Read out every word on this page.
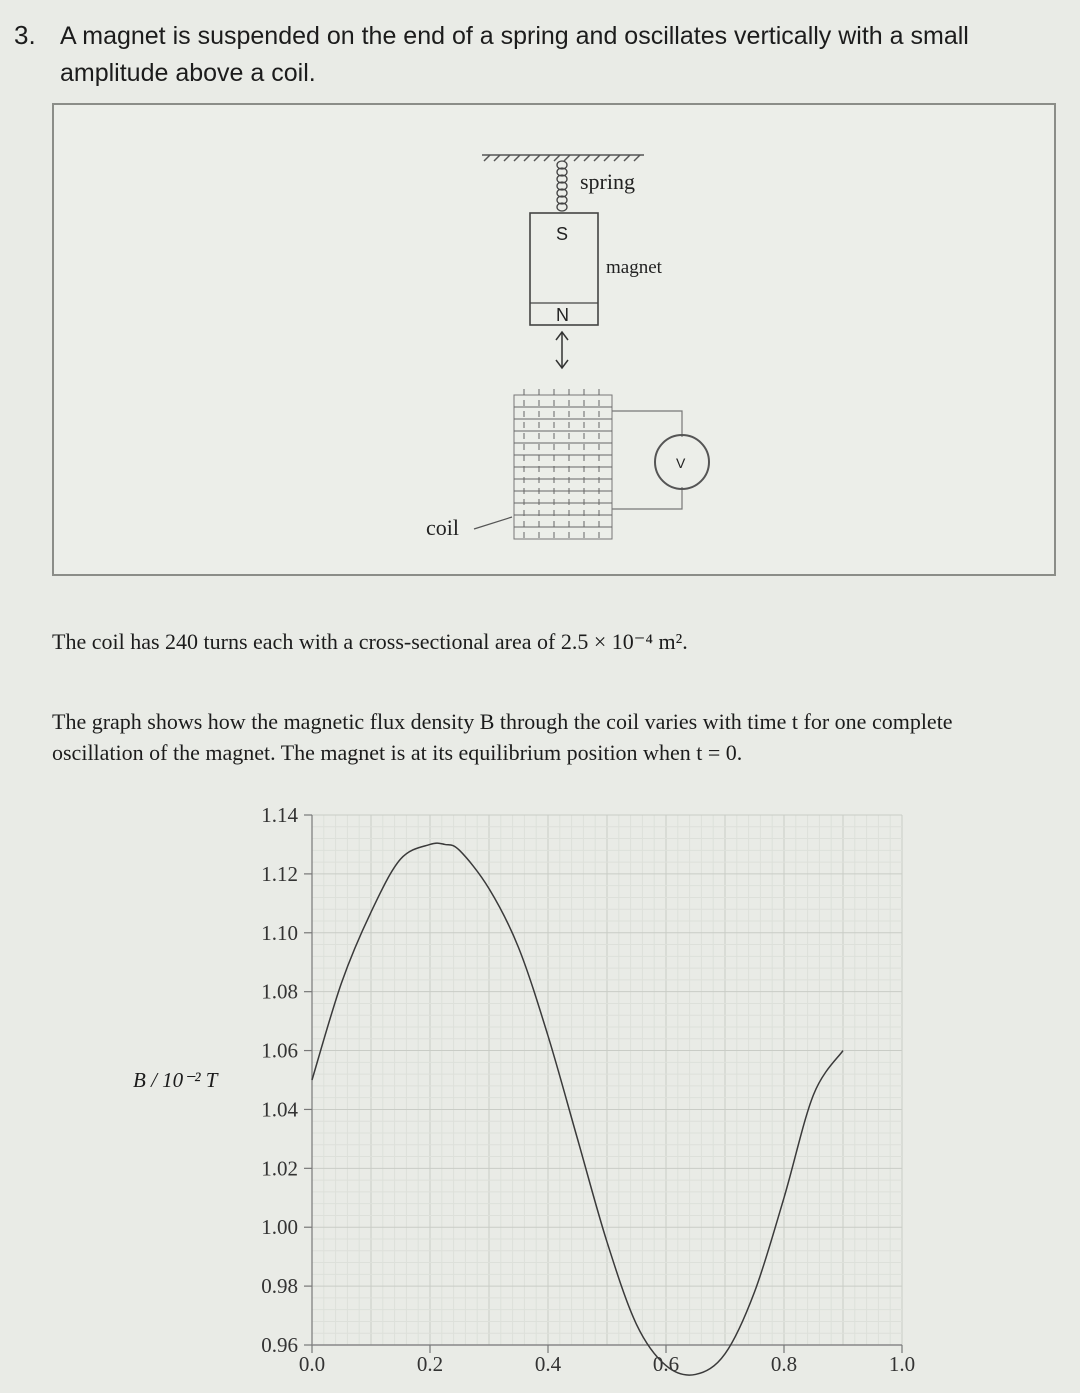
3. A magnet is suspended on the end of a spring and oscillates vertically with a small amplitude above a coil.
spring
magnet
S
N
coil
V
The coil has 240 turns each with a cross-sectional area of 2.5 × 10⁻⁴ m².
The graph shows how the magnetic flux density B through the coil varies with time t for one complete oscillation of the magnet. The magnet is at its equilibrium position when t = 0.
B / 10⁻² T
1.14
1.12
1.10
1.08
1.06
1.04
1.02
1.00
0.98
0.96
0.0	0.2	0.4	0.6	0.8	1.0
